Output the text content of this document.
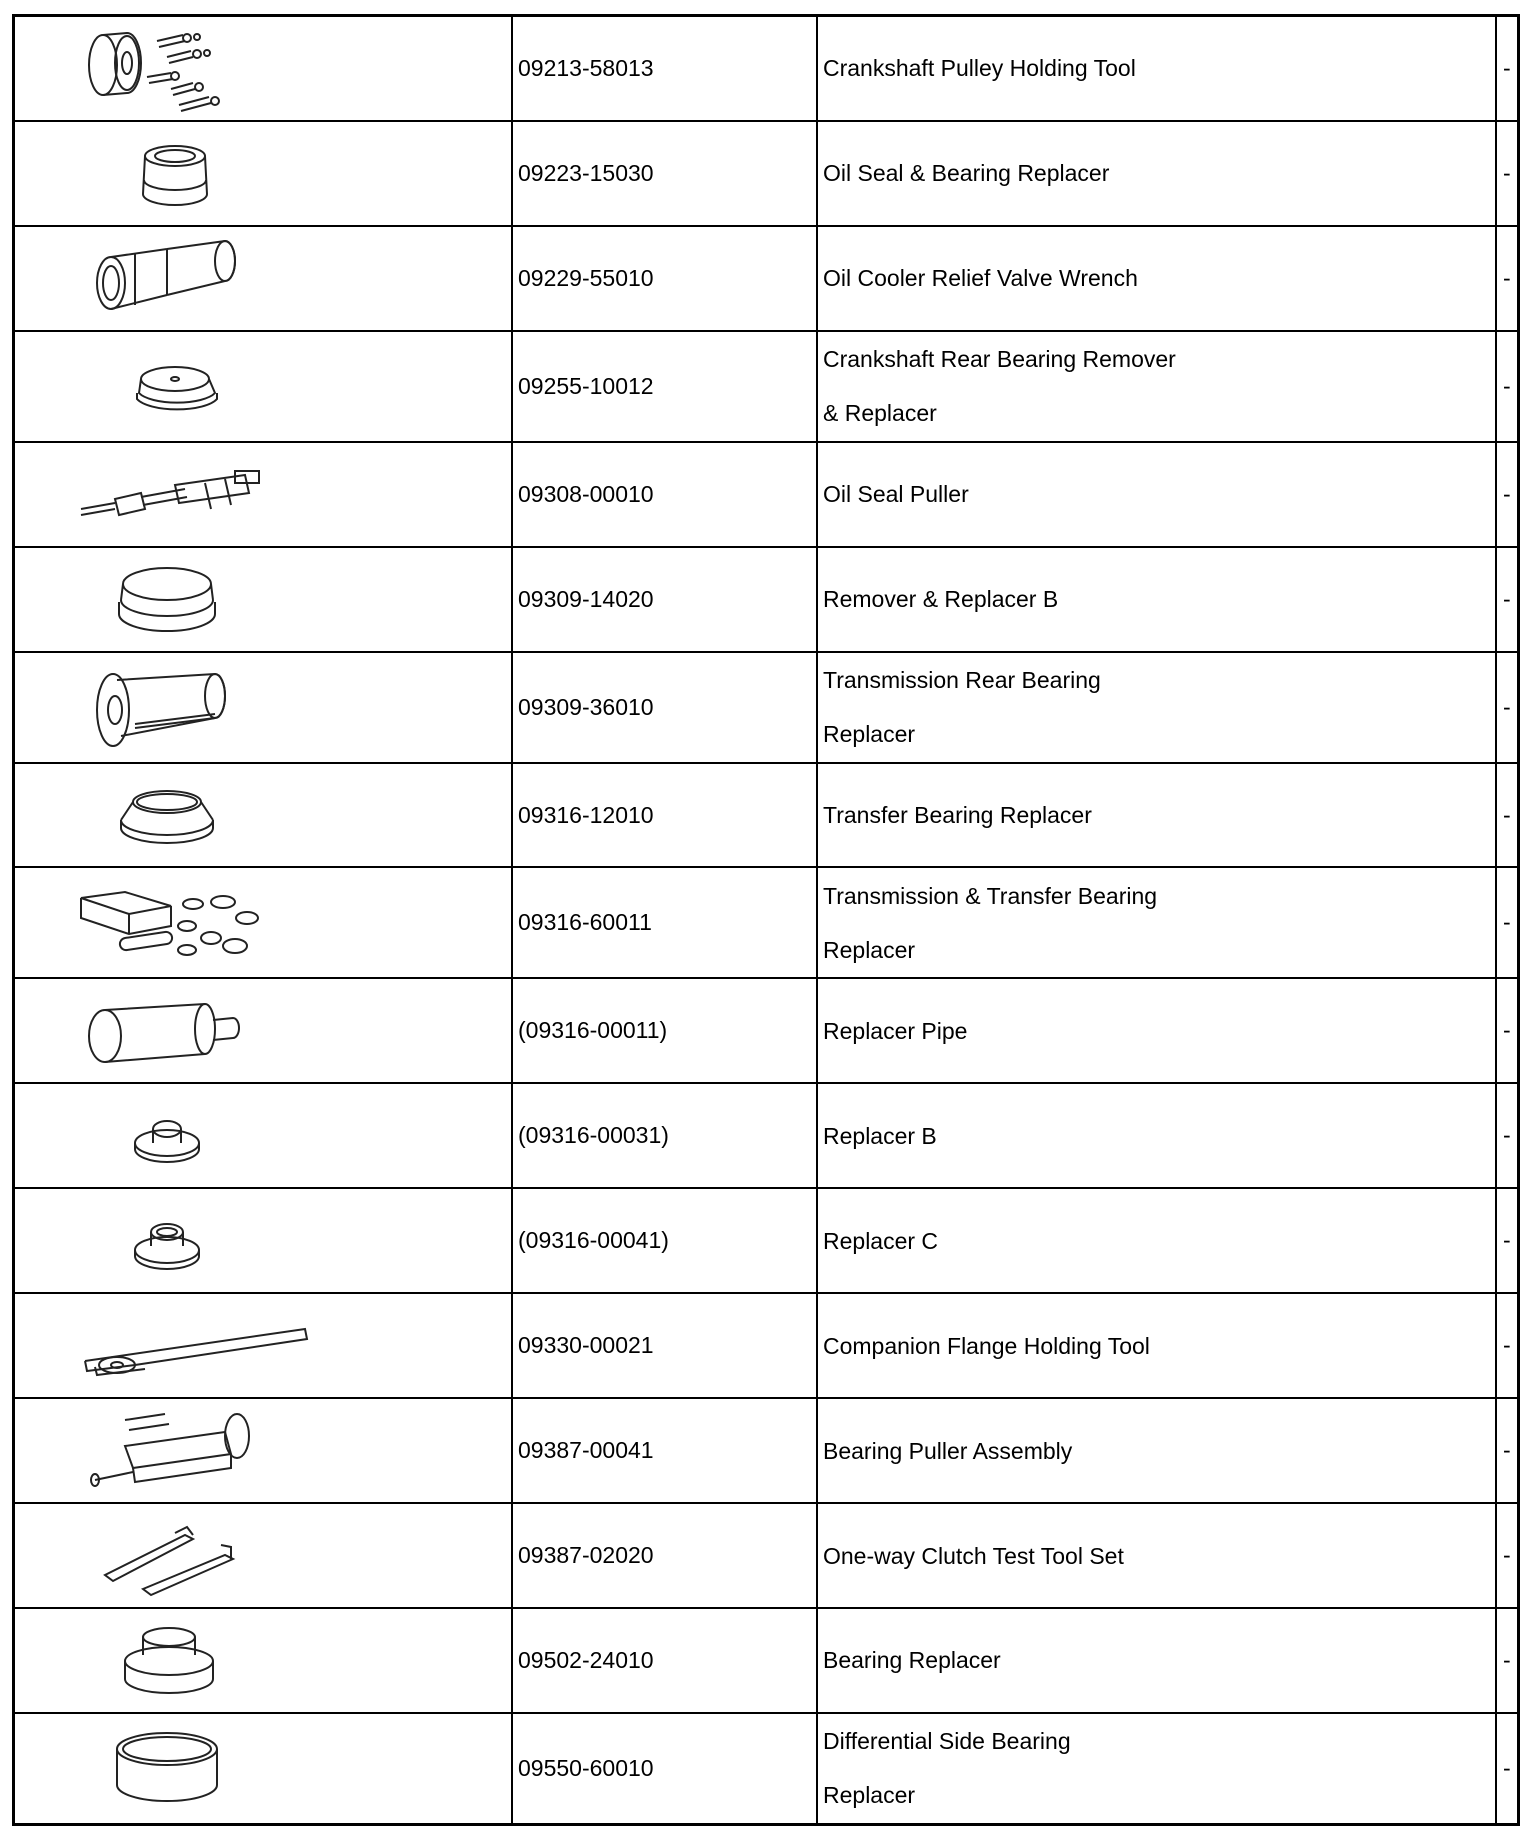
	09213-58013	Crankshaft Pulley Holding Tool	-

	09223-15030	Oil Seal & Bearing Replacer	-

	09229-55010	Oil Cooler Relief Valve Wrench	-

	09255-10012	Crankshaft Rear Bearing Remover
& Replacer	-

	09308-00010	Oil Seal Puller	-

	09309-14020	Remover & Replacer B	-

	09309-36010	Transmission Rear Bearing
Replacer	-

	09316-12010	Transfer Bearing Replacer	-

	09316-60011	Transmission & Transfer Bearing
Replacer	-

	(09316-00011)	Replacer Pipe	-

	(09316-00031)	Replacer B	-

	(09316-00041)	Replacer C	-

	09330-00021	Companion Flange Holding Tool	-

	09387-00041	Bearing Puller Assembly	-

	09387-02020	One-way Clutch Test Tool Set	-

	09502-24010	Bearing Replacer	-

	09550-60010	Differential Side Bearing
Replacer	-
